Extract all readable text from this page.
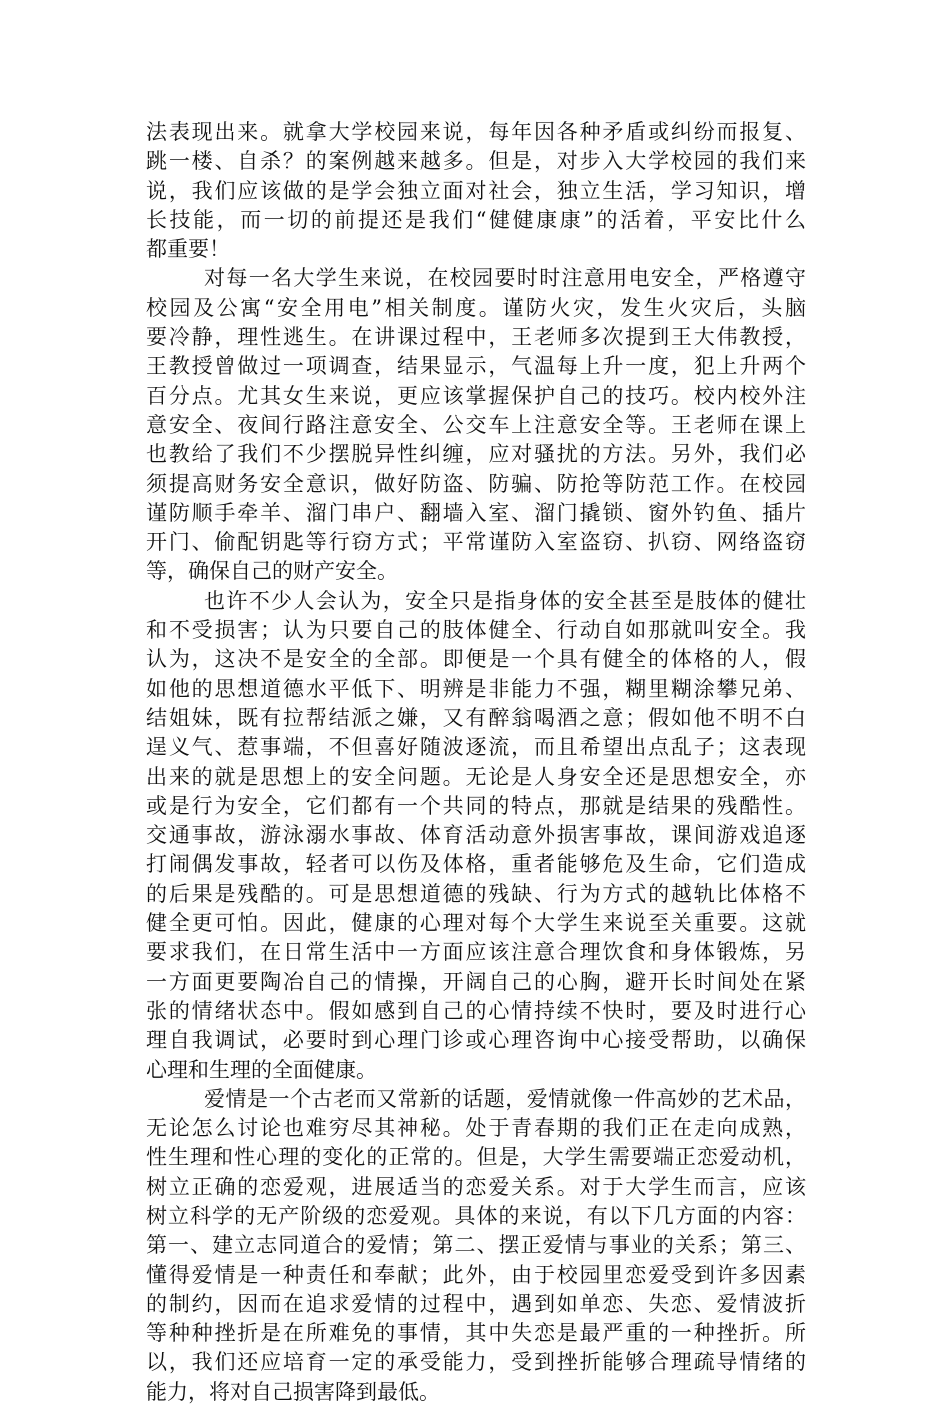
法表现出来。就拿大学校园来说，每年因各种矛盾或纠纷而报复、
跳一楼、自杀？的案例越来越多。但是，对步入大学校园的我们来
说，我们应该做的是学会独立面对社会，独立生活，学习知识，增
长技能，而一切的前提还是我们“健健康康”的活着，平安比什么
都重要！
对每一名大学生来说，在校园要时时注意用电安全，严格遵守
校园及公寓“安全用电”相关制度。谨防火灾，发生火灾后，头脑
要冷静，理性逃生。在讲课过程中，王老师多次提到王大伟教授，
王教授曾做过一项调查，结果显示，气温每上升一度，犯上升两个
百分点。尤其女生来说，更应该掌握保护自己的技巧。校内校外注
意安全、夜间行路注意安全、公交车上注意安全等。王老师在课上
也教给了我们不少摆脱异性纠缠，应对骚扰的方法。另外，我们必
须提高财务安全意识，做好防盗、防骗、防抢等防范工作。在校园
谨防顺手牵羊、溜门串户、翻墙入室、溜门撬锁、窗外钓鱼、插片
开门、偷配钥匙等行窃方式；平常谨防入室盗窃、扒窃、网络盗窃
等，确保自己的财产安全。
也许不少人会认为，安全只是指身体的安全甚至是肢体的健壮
和不受损害；认为只要自己的肢体健全、行动自如那就叫安全。我
认为，这决不是安全的全部。即便是一个具有健全的体格的人，假
如他的思想道德水平低下、明辨是非能力不强，糊里糊涂攀兄弟、
结姐妹，既有拉帮结派之嫌，又有醉翁喝酒之意；假如他不明不白
逞义气、惹事端，不但喜好随波逐流，而且希望出点乱子；这表现
出来的就是思想上的安全问题。无论是人身安全还是思想安全，亦
或是行为安全，它们都有一个共同的特点，那就是结果的残酷性。
交通事故，游泳溺水事故、体育活动意外损害事故，课间游戏追逐
打闹偶发事故，轻者可以伤及体格，重者能够危及生命，它们造成
的后果是残酷的。可是思想道德的残缺、行为方式的越轨比体格不
健全更可怕。因此，健康的心理对每个大学生来说至关重要。这就
要求我们，在日常生活中一方面应该注意合理饮食和身体锻炼，另
一方面更要陶冶自己的情操，开阔自己的心胸，避开长时间处在紧
张的情绪状态中。假如感到自己的心情持续不快时，要及时进行心
理自我调试，必要时到心理门诊或心理咨询中心接受帮助，以确保
心理和生理的全面健康。
爱情是一个古老而又常新的话题，爱情就像一件高妙的艺术品，
无论怎么讨论也难穷尽其神秘。处于青春期的我们正在走向成熟，
性生理和性心理的变化的正常的。但是，大学生需要端正恋爱动机，
树立正确的恋爱观，进展适当的恋爱关系。对于大学生而言，应该
树立科学的无产阶级的恋爱观。具体的来说，有以下几方面的内容：
第一、建立志同道合的爱情；第二、摆正爱情与事业的关系；第三、
懂得爱情是一种责任和奉献；此外，由于校园里恋爱受到许多因素
的制约，因而在追求爱情的过程中，遇到如单恋、失恋、爱情波折
等种种挫折是在所难免的事情，其中失恋是最严重的一种挫折。所
以，我们还应培育一定的承受能力，受到挫折能够合理疏导情绪的
能力，将对自己损害降到最低。
